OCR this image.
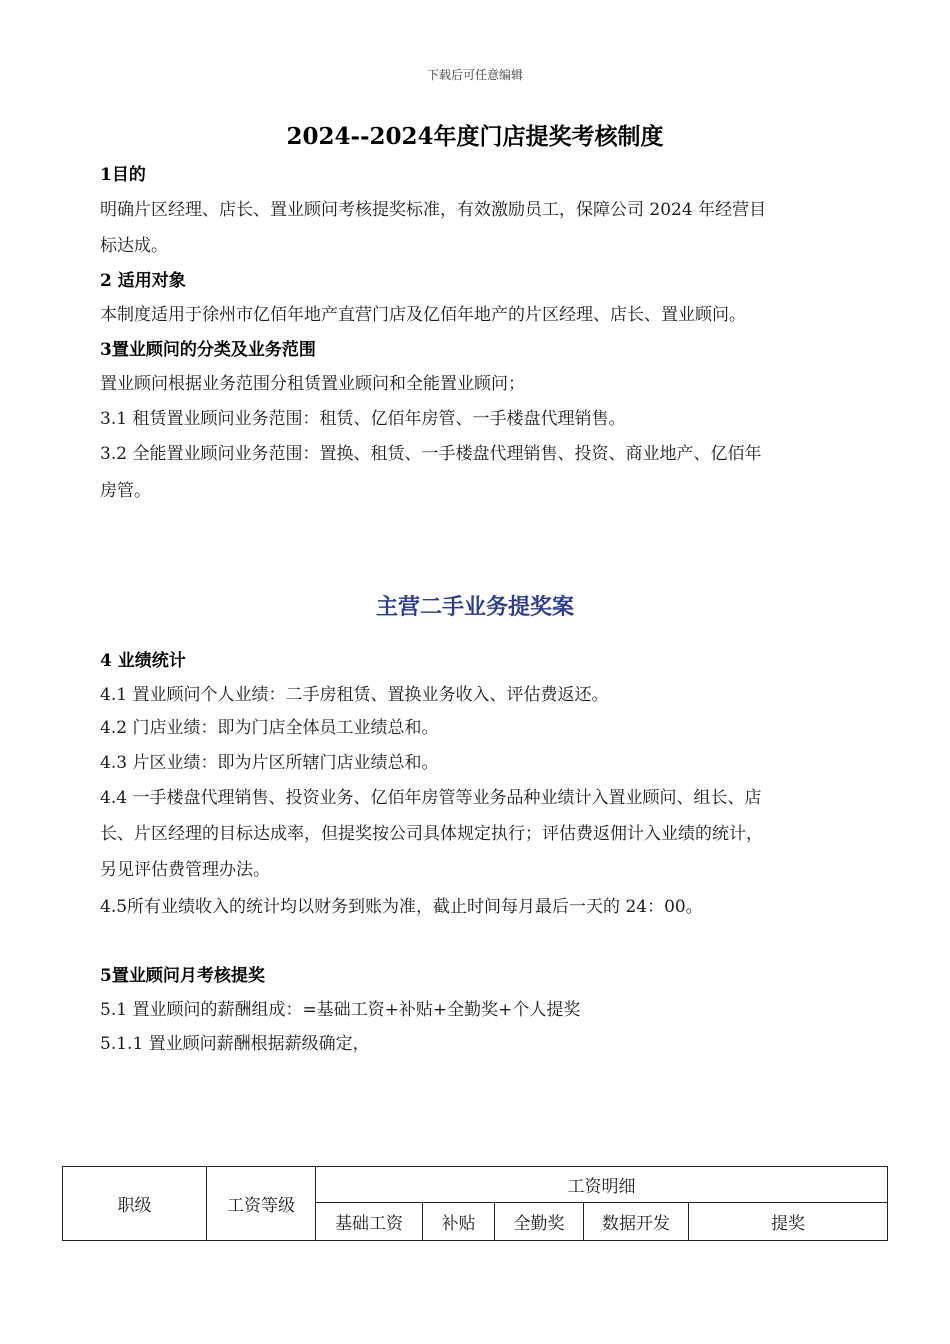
下载后可任意编辑
2024--2024年度门店提奖考核制度
1目的
明确片区经理、店长、置业顾问考核提奖标准，有效激励员工，保障公司 2024 年经营目
标达成。
2 适用对象
本制度适用于徐州市亿佰年地产直营门店及亿佰年地产的片区经理、店长、置业顾问。
3置业顾问的分类及业务范围
置业顾问根据业务范围分租赁置业顾问和全能置业顾问；
3.1 租赁置业顾问业务范围：租赁、亿佰年房管、一手楼盘代理销售。
3.2 全能置业顾问业务范围：置换、租赁、一手楼盘代理销售、投资、商业地产、亿佰年
房管。
主营二手业务提奖案
4 业绩统计
4.1 置业顾问个人业绩：二手房租赁、置换业务收入、评估费返还。
4.2 门店业绩：即为门店全体员工业绩总和。
4.3 片区业绩：即为片区所辖门店业绩总和。
4.4 一手楼盘代理销售、投资业务、亿佰年房管等业务品种业绩计入置业顾问、组长、店
长、片区经理的目标达成率，但提奖按公司具体规定执行；评估费返佣计入业绩的统计，
另见评估费管理办法。
4.5所有业绩收入的统计均以财务到账为准，截止时间每月最后一天的 24：00。
5置业顾问月考核提奖
5.1 置业顾问的薪酬组成：=基础工资+补贴+全勤奖+个人提奖
5.1.1 置业顾问薪酬根据薪级确定，
职级	工资等级	工资明细				
		基础工资	补贴	全勤奖	数据开发	提奖
